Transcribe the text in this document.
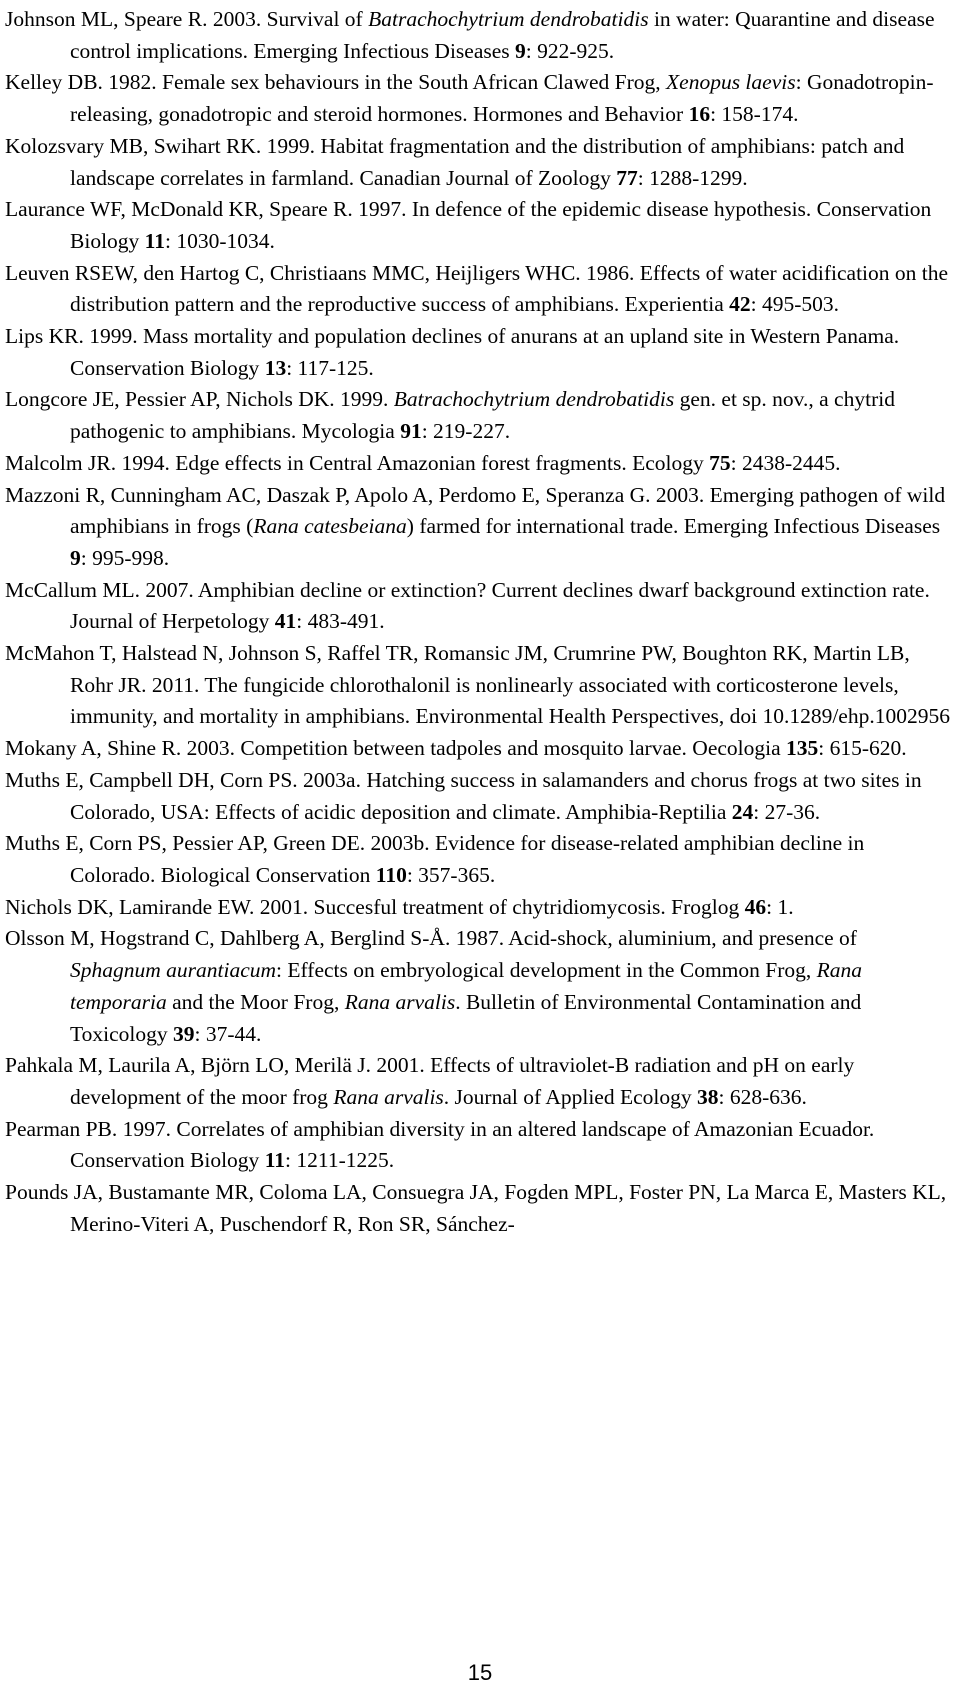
Johnson ML, Speare R. 2003. Survival of Batrachochytrium dendrobatidis in water: Quarantine and disease control implications. Emerging Infectious Diseases 9: 922-925.

Kelley DB. 1982. Female sex behaviours in the South African Clawed Frog, Xenopus laevis: Gonadotropin-releasing, gonadotropic and steroid hormones. Hormones and Behavior 16: 158-174.

Kolozsvary MB, Swihart RK. 1999. Habitat fragmentation and the distribution of amphibians: patch and landscape correlates in farmland. Canadian Journal of Zoology 77: 1288-1299.

Laurance WF, McDonald KR, Speare R. 1997. In defence of the epidemic disease hypothesis. Conservation Biology 11: 1030-1034.

Leuven RSEW, den Hartog C, Christiaans MMC, Heijligers WHC. 1986. Effects of water acidification on the distribution pattern and the reproductive success of amphibians. Experientia 42: 495-503.

Lips KR. 1999. Mass mortality and population declines of anurans at an upland site in Western Panama. Conservation Biology 13: 117-125.

Longcore JE, Pessier AP, Nichols DK. 1999. Batrachochytrium dendrobatidis gen. et sp. nov., a chytrid pathogenic to amphibians. Mycologia 91: 219-227.

Malcolm JR. 1994. Edge effects in Central Amazonian forest fragments. Ecology 75: 2438-2445.

Mazzoni R, Cunningham AC, Daszak P, Apolo A, Perdomo E, Speranza G. 2003. Emerging pathogen of wild amphibians in frogs (Rana catesbeiana) farmed for international trade. Emerging Infectious Diseases 9: 995-998.

McCallum ML. 2007. Amphibian decline or extinction? Current declines dwarf background extinction rate. Journal of Herpetology 41: 483-491.

McMahon T, Halstead N, Johnson S, Raffel TR, Romansic JM, Crumrine PW, Boughton RK, Martin LB, Rohr JR. 2011. The fungicide chlorothalonil is nonlinearly associated with corticosterone levels, immunity, and mortality in amphibians. Environmental Health Perspectives, doi 10.1289/ehp.1002956

Mokany A, Shine R. 2003. Competition between tadpoles and mosquito larvae. Oecologia 135: 615-620.

Muths E, Campbell DH, Corn PS. 2003a. Hatching success in salamanders and chorus frogs at two sites in Colorado, USA: Effects of acidic deposition and climate. Amphibia-Reptilia 24: 27-36.

Muths E, Corn PS, Pessier AP, Green DE. 2003b. Evidence for disease-related amphibian decline in Colorado. Biological Conservation 110: 357-365.

Nichols DK, Lamirande EW. 2001. Succesful treatment of chytridiomycosis. Froglog 46: 1.

Olsson M, Hogstrand C, Dahlberg A, Berglind S-Å. 1987. Acid-shock, aluminium, and presence of Sphagnum aurantiacum: Effects on embryological development in the Common Frog, Rana temporaria and the Moor Frog, Rana arvalis. Bulletin of Environmental Contamination and Toxicology 39: 37-44.

Pahkala M, Laurila A, Björn LO, Merilä J. 2001. Effects of ultraviolet-B radiation and pH on early development of the moor frog Rana arvalis. Journal of Applied Ecology 38: 628-636.

Pearman PB. 1997. Correlates of amphibian diversity in an altered landscape of Amazonian Ecuador. Conservation Biology 11: 1211-1225.

Pounds JA, Bustamante MR, Coloma LA, Consuegra JA, Fogden MPL, Foster PN, La Marca E, Masters KL, Merino-Viteri A, Puschendorf R, Ron SR, Sánchez-

15
